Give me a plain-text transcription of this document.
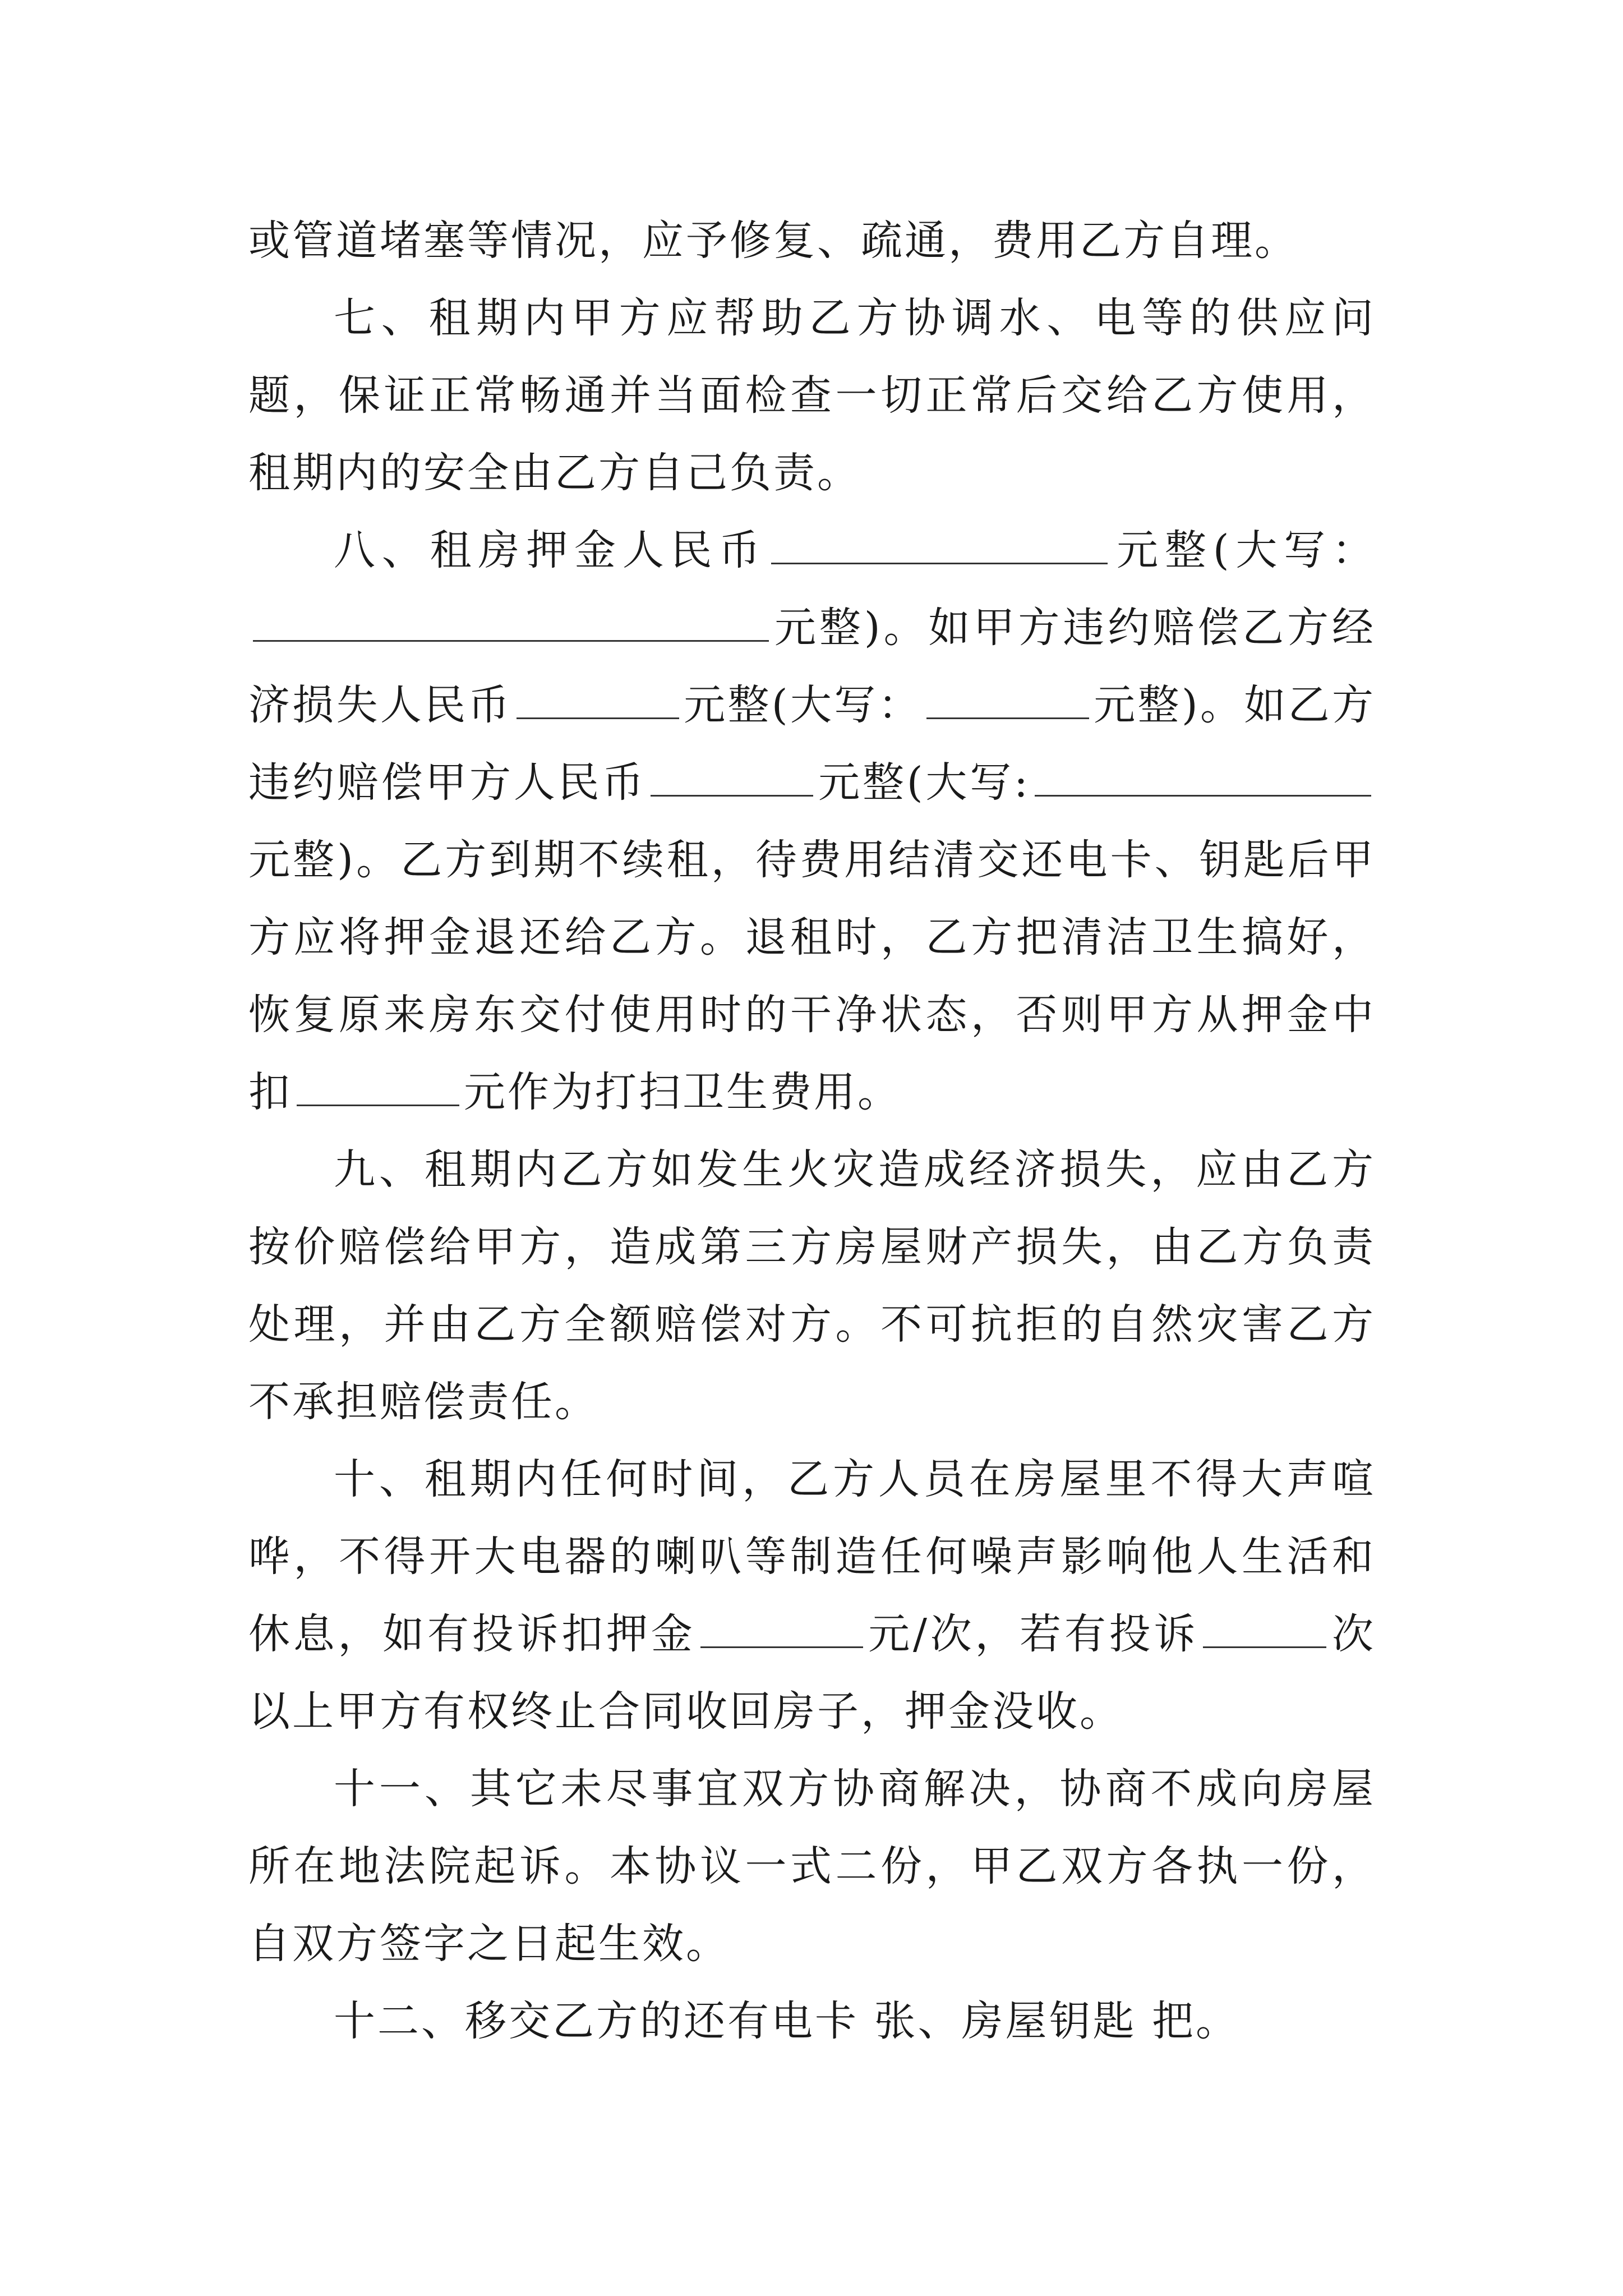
或管道堵塞等情况，应予修复、疏通，费用乙方自理。

七、租期内甲方应帮助乙方协调水、电等的供应问题，保证正常畅通并当面检查一切正常后交给乙方使用，租期内的安全由乙方自己负责。

八、租房押金人民币	元整(大写：元整)。如甲方违约赔偿乙方经济损失人民币	元整(大写：	元整)。如乙方违约赔偿甲方人民币	元整(大写:元整)。乙方到期不续租，待费用结清交还电卡、钥匙后甲方应将押金退还给乙方。退租时，乙方把清洁卫生搞好，恢复原来房东交付使用时的干净状态，否则甲方从押金中扣	元作为打扫卫生费用。

九、租期内乙方如发生火灾造成经济损失，应由乙方按价赔偿给甲方，造成第三方房屋财产损失，由乙方负责处理，并由乙方全额赔偿对方。不可抗拒的自然灾害乙方不承担赔偿责任。

十、租期内任何时间，乙方人员在房屋里不得大声喧哗，不得开大电器的喇叭等制造任何噪声影响他人生活和休息，如有投诉扣押金	元/次，若有投诉	次以上甲方有权终止合同收回房子，押金没收。

十一、其它未尽事宜双方协商解决，协商不成向房屋所在地法院起诉。本协议一式二份，甲乙双方各执一份，自双方签字之日起生效。

十二、移交乙方的还有电卡 张、房屋钥匙 把。
